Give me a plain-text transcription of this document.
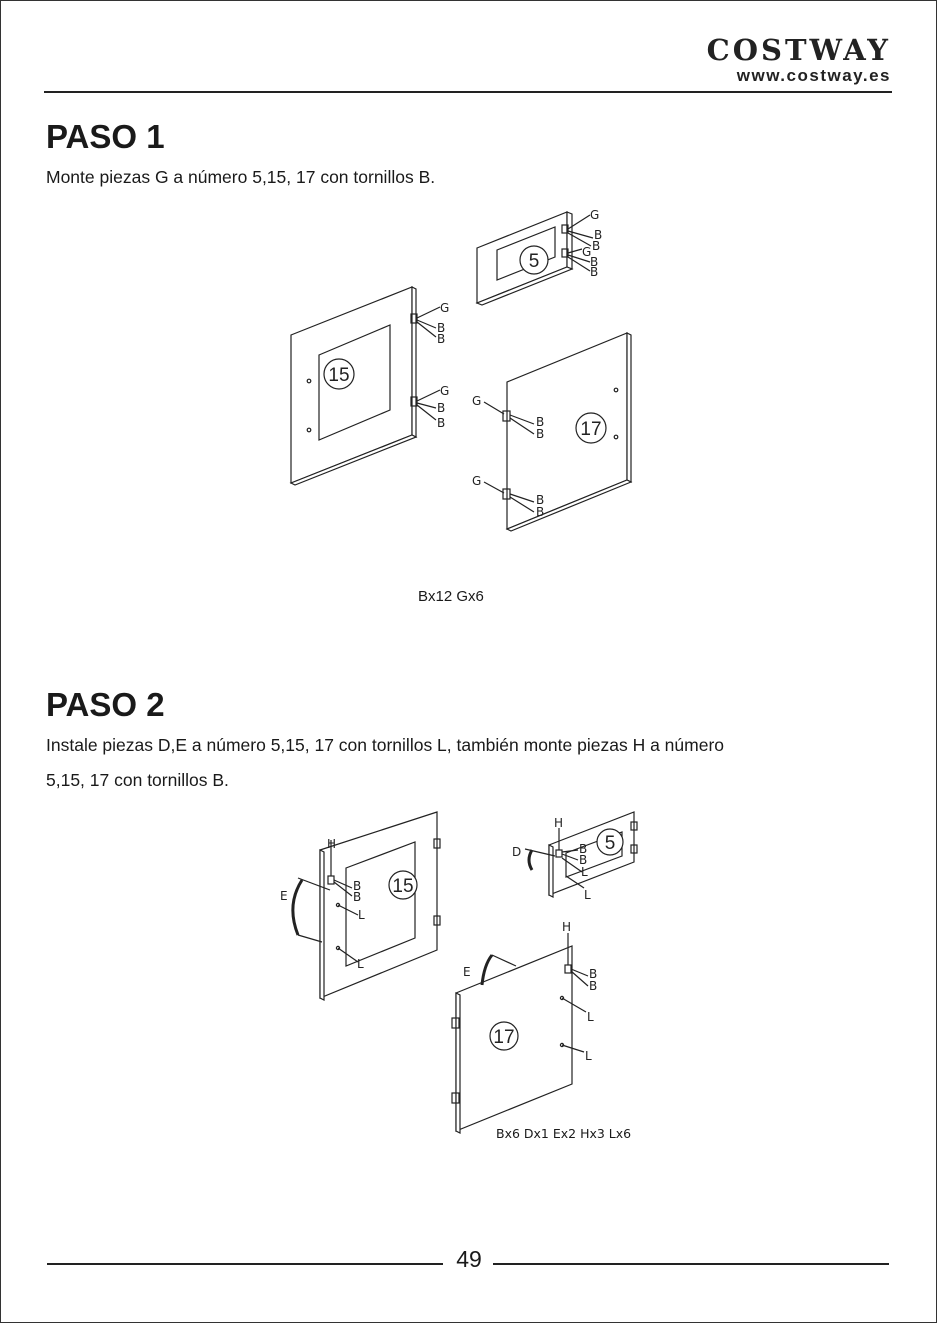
COSTWAY
www.costway.es
PASO 1

Monte piezas G a número 5,15, 17 con tornillos B.

5
G
B
B
G
B
B
15
G
B
B
G
B
B	17
G
B
B
G
B
B
Bx12 Gx6
PASO 2

Instale piezas D,E a número 5,15, 17 con tornillos L, también monte piezas H a número

5,15, 17 con tornillos B.

15
H
B
B
L
L
E
5
H
B
B
L
L
D
17
H
B
B
L
L
E
Bx6 Dx1 Ex2 Hx3 Lx6
49
